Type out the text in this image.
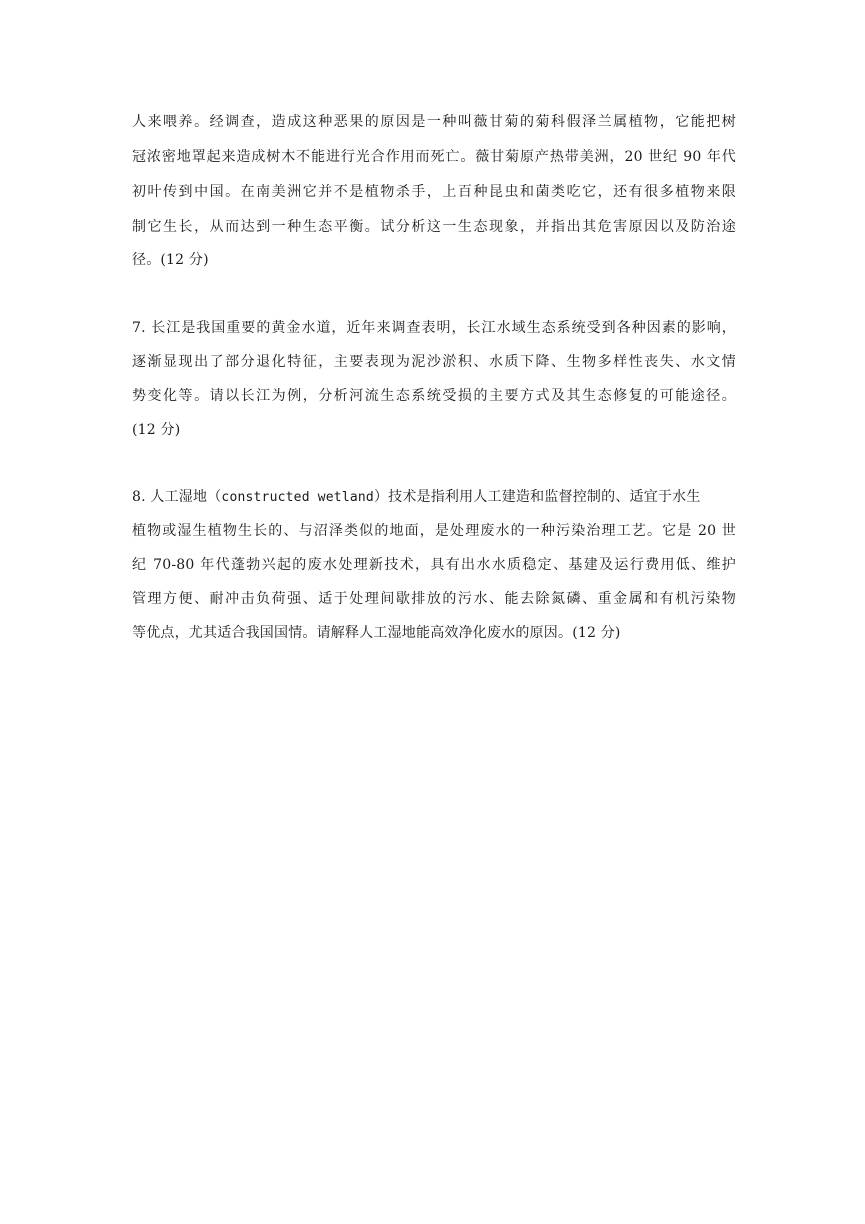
人来喂养。经调查，造成这种恶果的原因是一种叫薇甘菊的菊科假泽兰属植物，它能把树
冠浓密地罩起来造成树木不能进行光合作用而死亡。薇甘菊原产热带美洲，20 世纪 90 年代
初叶传到中国。在南美洲它并不是植物杀手，上百种昆虫和菌类吃它，还有很多植物来限
制它生长，从而达到一种生态平衡。试分析这一生态现象，并指出其危害原因以及防治途
径。(12 分)
7. 长江是我国重要的黄金水道，近年来调查表明，长江水域生态系统受到各种因素的影响，
逐渐显现出了部分退化特征，主要表现为泥沙淤积、水质下降、生物多样性丧失、水文情
势变化等。请以长江为例，分析河流生态系统受损的主要方式及其生态修复的可能途径。
(12 分)
8. 人工湿地（constructed wetland）技术是指利用人工建造和监督控制的、适宜于水生
植物或湿生植物生长的、与沼泽类似的地面，是处理废水的一种污染治理工艺。它是 20 世
纪 70-80 年代蓬勃兴起的废水处理新技术，具有出水水质稳定、基建及运行费用低、维护
管理方便、耐冲击负荷强、适于处理间歇排放的污水、能去除氮磷、重金属和有机污染物
等优点，尤其适合我国国情。请解释人工湿地能高效净化废水的原因。(12 分)
